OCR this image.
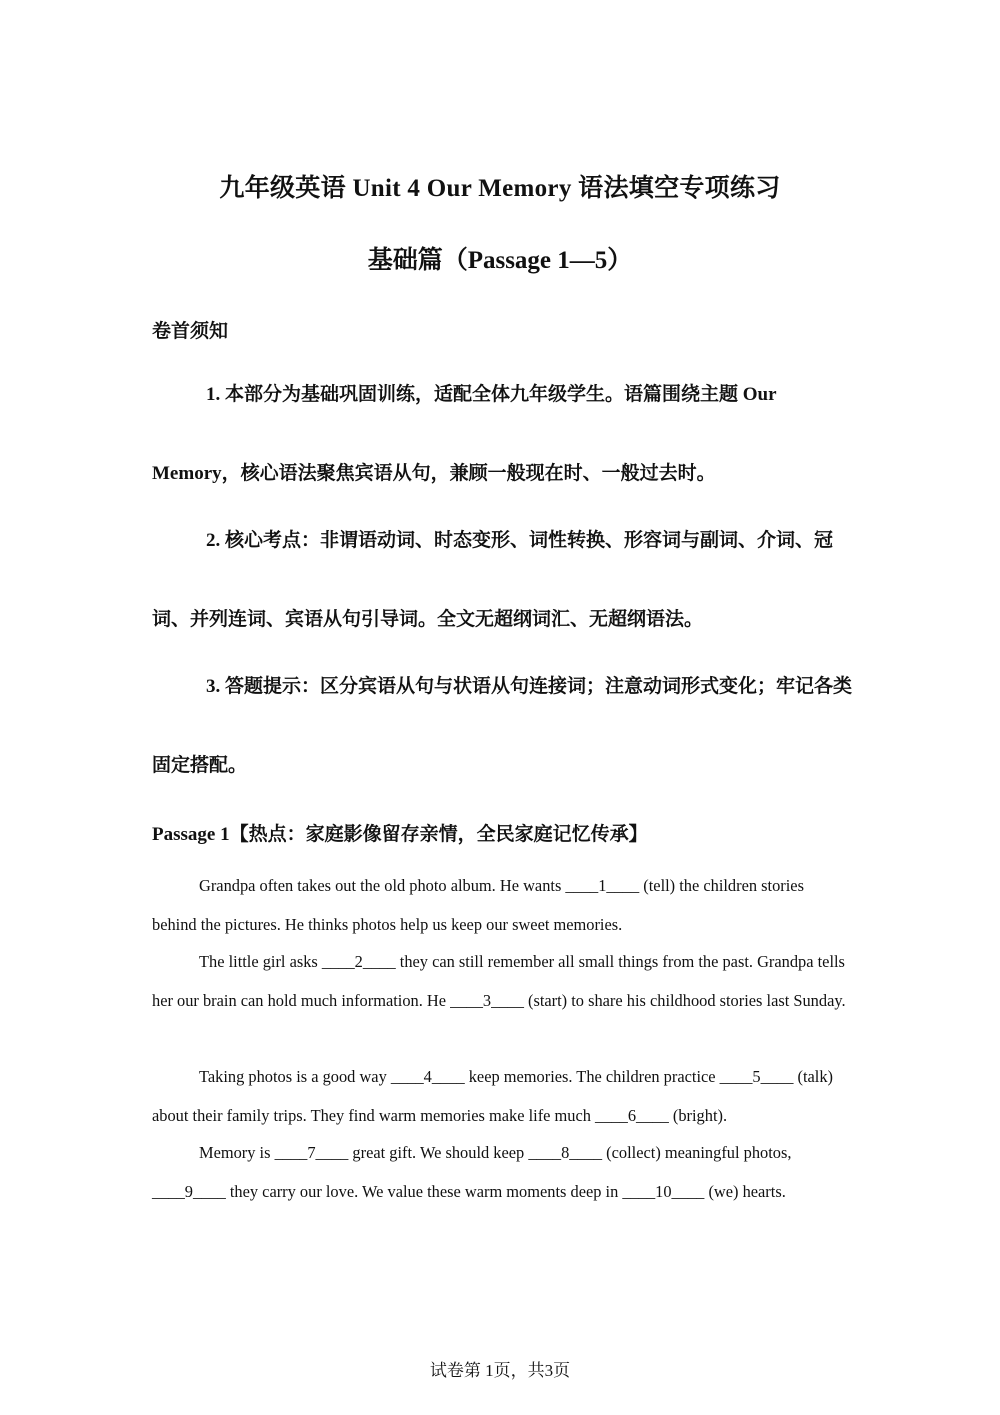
九年级英语 Unit 4 Our Memory 语法填空专项练习
基础篇（Passage 1—5）
卷首须知
1. 本部分为基础巩固训练，适配全体九年级学生。语篇围绕主题 Our Memory，核心语法聚焦宾语从句，兼顾一般现在时、一般过去时。
2. 核心考点：非谓语动词、时态变形、词性转换、形容词与副词、介词、冠词、并列连词、宾语从句引导词。全文无超纲词汇、无超纲语法。
3. 答题提示：区分宾语从句与状语从句连接词；注意动词形式变化；牢记各类固定搭配。
Passage 1【热点：家庭影像留存亲情，全民家庭记忆传承】
Grandpa often takes out the old photo album. He wants ____1____ (tell) the children stories behind the pictures. He thinks photos help us keep our sweet memories.
The little girl asks ____2____ they can still remember all small things from the past. Grandpa tells her our brain can hold much information. He ____3____ (start) to share his childhood stories last Sunday.
Taking photos is a good way ____4____ keep memories. The children practice ____5____ (talk) about their family trips. They find warm memories make life much ____6____ (bright).
Memory is ____7____ great gift. We should keep ____8____ (collect) meaningful photos, ____9____ they carry our love. We value these warm moments deep in ____10____ (we) hearts.
试卷第 1页，共3页
